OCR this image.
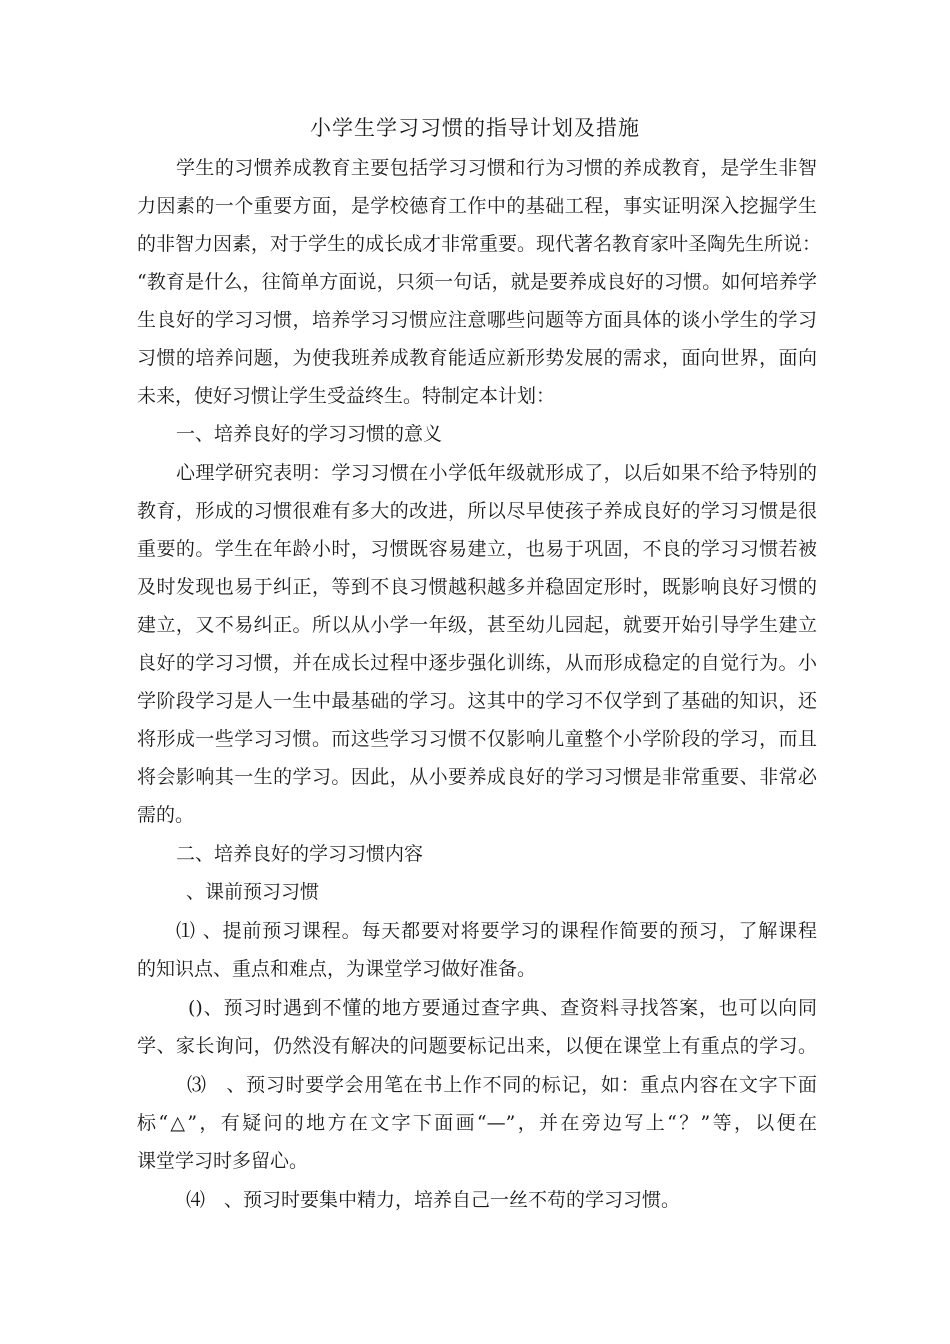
小学生学习习惯的指导计划及措施
学生的习惯养成教育主要包括学习习惯和行为习惯的养成教育，是学生非智
力因素的一个重要方面，是学校德育工作中的基础工程，事实证明深入挖掘学生
的非智力因素，对于学生的成长成才非常重要。现代著名教育家叶圣陶先生所说：
“教育是什么，往简单方面说，只须一句话，就是要养成良好的习惯。如何培养学
生良好的学习习惯，培养学习习惯应注意哪些问题等方面具体的谈小学生的学习
习惯的培养问题，为使我班养成教育能适应新形势发展的需求，面向世界，面向
未来，使好习惯让学生受益终生。特制定本计划：
一、培养良好的学习习惯的意义
心理学研究表明：学习习惯在小学低年级就形成了，以后如果不给予特别的
教育，形成的习惯很难有多大的改进，所以尽早使孩子养成良好的学习习惯是很
重要的。学生在年龄小时，习惯既容易建立，也易于巩固，不良的学习习惯若被
及时发现也易于纠正，等到不良习惯越积越多并稳固定形时，既影响良好习惯的
建立，又不易纠正。所以从小学一年级，甚至幼儿园起，就要开始引导学生建立
良好的学习习惯，并在成长过程中逐步强化训练，从而形成稳定的自觉行为。小
学阶段学习是人一生中最基础的学习。这其中的学习不仅学到了基础的知识，还
将形成一些学习习惯。而这些学习习惯不仅影响儿童整个小学阶段的学习，而且
将会影响其一生的学习。因此，从小要养成良好的学习习惯是非常重要、非常必
需的。
二、培养良好的学习习惯内容
、课前预习习惯
⑴ 、提前预习课程。每天都要对将要学习的课程作简要的预习，了解课程
的知识点、重点和难点，为课堂学习做好准备。
()、预习时遇到不懂的地方要通过查字典、查资料寻找答案，也可以向同
学、家长询问，仍然没有解决的问题要标记出来，以便在课堂上有重点的学习。
⑶　、预习时要学会用笔在书上作不同的标记，如：重点内容在文字下面
标“△”，有疑问的地方在文字下面画“—”，并在旁边写上“？”等，以便在
课堂学习时多留心。
⑷　、预习时要集中精力，培养自己一丝不苟的学习习惯。
